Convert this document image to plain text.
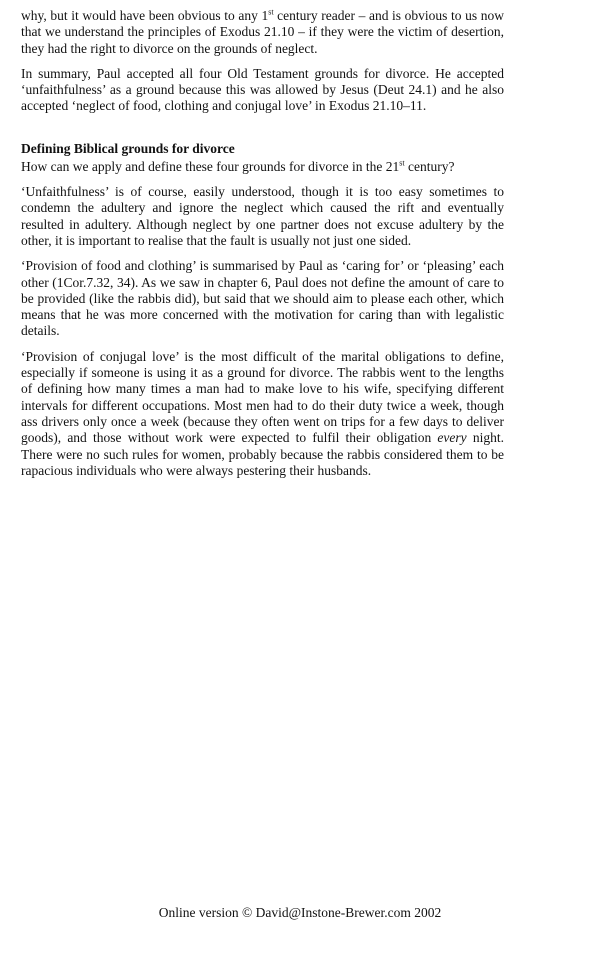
why, but it would have been obvious to any 1st century reader – and is obvious to us now that we understand the principles of Exodus 21.10 – if they were the victim of desertion, they had the right to divorce on the grounds of neglect.

In summary, Paul accepted all four Old Testament grounds for divorce. He accepted ‘unfaithfulness’ as a ground because this was allowed by Jesus (Deut 24.1) and he also accepted ‘neglect of food, clothing and conjugal love’ in Exodus 21.10–11.

Defining Biblical grounds for divorce

How can we apply and define these four grounds for divorce in the 21st century?

‘Unfaithfulness’ is of course, easily understood, though it is too easy sometimes to condemn the adultery and ignore the neglect which caused the rift and eventually resulted in adultery. Although neglect by one partner does not excuse adultery by the other, it is important to realise that the fault is usually not just one sided.

‘Provision of food and clothing’ is summarised by Paul as ‘caring for’ or ‘pleasing’ each other (1Cor.7.32, 34). As we saw in chapter 6, Paul does not define the amount of care to be provided (like the rabbis did), but said that we should aim to please each other, which means that he was more concerned with the motivation for caring than with legalistic details.

‘Provision of conjugal love’ is the most difficult of the marital obligations to define, especially if someone is using it as a ground for divorce. The rabbis went to the lengths of defining how many times a man had to make love to his wife, specifying different intervals for different occupations. Most men had to do their duty twice a week, though ass drivers only once a week (because they often went on trips for a few days to deliver goods), and those without work were expected to fulfil their obligation every night. There were no such rules for women, probably because the rabbis considered them to be rapacious individuals who were always pestering their husbands.

Online version © David@Instone-Brewer.com 2002
